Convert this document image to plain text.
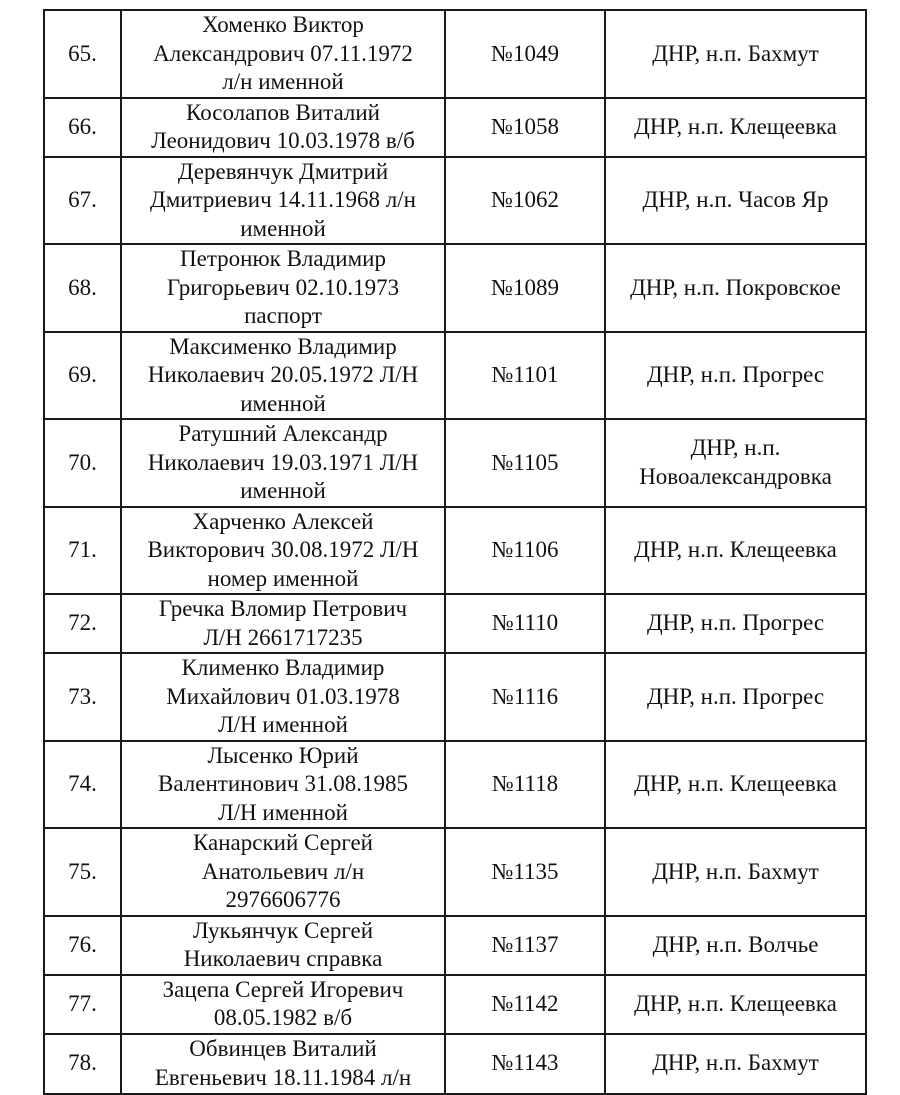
65.	Хоменко Виктор
Александрович 07.11.1972
л/н именной	№1049	ДНР, н.п. Бахмут

66.	Косолапов Виталий
Леонидович 10.03.1978 в/б	№1058	ДНР, н.п. Клещеевка

67.	Деревянчук Дмитрий
Дмитриевич 14.11.1968 л/н
именной	№1062	ДНР, н.п. Часов Яр

68.	Петронюк Владимир
Григорьевич 02.10.1973
паспорт	№1089	ДНР, н.п. Покровское

69.	Максименко Владимир
Николаевич 20.05.1972 Л/Н
именной	№1101	ДНР, н.п. Прогрес

70.	Ратушний Александр
Николаевич 19.03.1971 Л/Н
именной	№1105	ДНР, н.п.
Новоалександровка

71.	Харченко Алексей
Викторович 30.08.1972 Л/Н
номер именной	№1106	ДНР, н.п. Клещеевка

72.	Гречка Вломир Петрович
Л/Н 2661717235	№1110	ДНР, н.п. Прогрес

73.	Клименко Владимир
Михайлович 01.03.1978
Л/Н именной	№1116	ДНР, н.п. Прогрес

74.	Лысенко Юрий
Валентинович 31.08.1985
Л/Н именной	№1118	ДНР, н.п. Клещеевка

75.	Канарский Сергей
Анатольевич л/н
2976606776	№1135	ДНР, н.п. Бахмут

76.	Лукьянчук Сергей
Николаевич справка	№1137	ДНР, н.п. Волчье

77.	Зацепа Сергей Игоревич
08.05.1982 в/б	№1142	ДНР, н.п. Клещеевка

78.	Обвинцев Виталий
Евгеньевич 18.11.1984 л/н	№1143	ДНР, н.п. Бахмут
